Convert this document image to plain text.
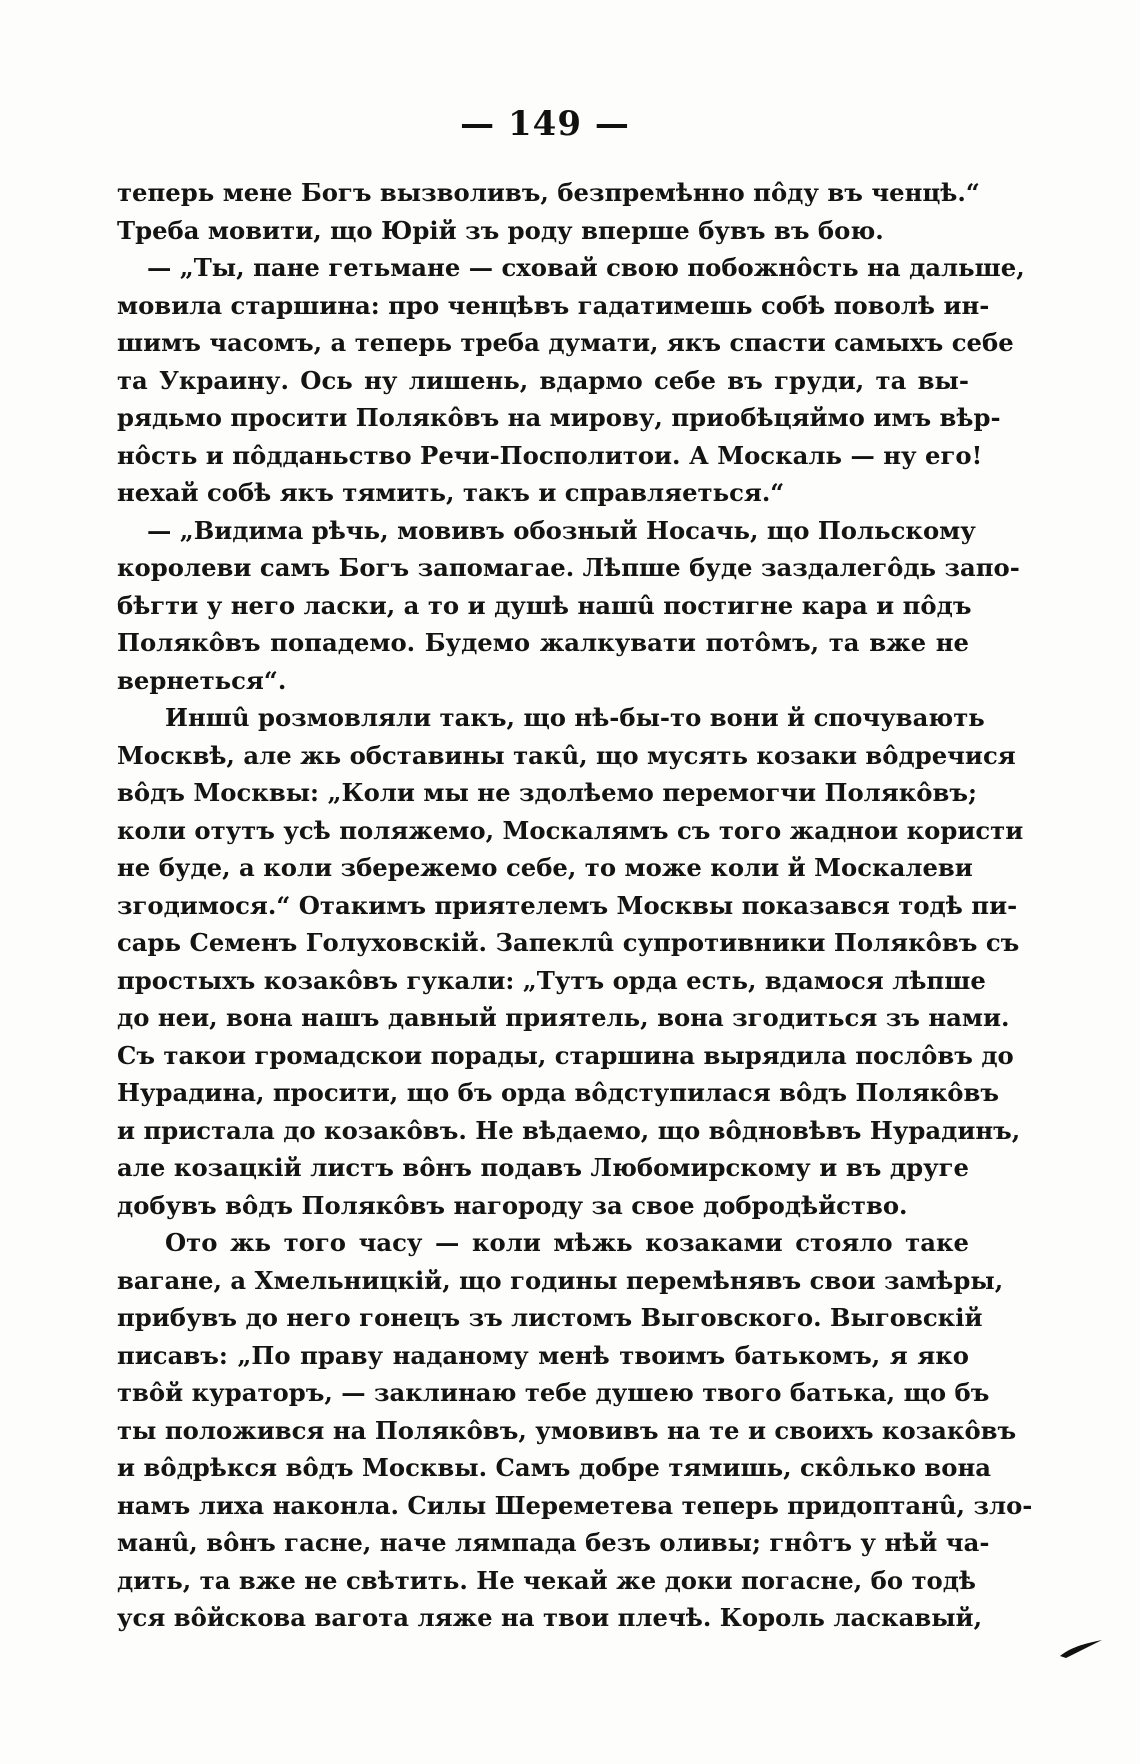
— 149 —
теперь мене Богъ вызволивъ, безпремѣнно пôду въ ченцѣ.“
Треба мовити, що Юрій зъ роду вперше бувъ въ бою.
— „Ты, пане гетьмане — сховай свою побожнôсть на дальше,
мовила старшина: про ченцѣвъ гадатимешь собѣ поволѣ ин-
шимъ часомъ, а теперь треба думати, якъ спасти самыхъ себе
та Украину. Ось ну лишень, вдармо себе въ груди, та вы-
рядьмо просити Полякôвъ на мирову, приобѣцяймо имъ вѣр-
нôсть и пôдданьство Речи-Посполитои. А Москаль — ну его!
нехай собѣ якъ тямить, такъ и справляеться.“
— „Видима рѣчь, мовивъ обозный Носачь, що Польскому
королеви самъ Богъ запомагае. Лѣпше буде заздалегôдь запо-
бѣгти у него ласки, а то и душѣ нашû постигне кара и пôдъ
Полякôвъ попадемо. Будемо жалкувати потôмъ, та вже не
вернеться“.
Иншû розмовляли такъ, що нѣ-бы-то вони й спочувають
Москвѣ, але жь обставины такû, що мусять козаки вôдречися
вôдъ Москвы: „Коли мы не здолѣемо перемогчи Полякôвъ;
коли отутъ усѣ поляжемо, Москалямъ съ того жаднои користи
не буде, а коли збережемо себе, то може коли й Москалеви
згодимося.“ Отакимъ приятелемъ Москвы показався тодѣ пи-
сарь Семенъ Голуховскій. Запеклû супротивники Полякôвъ съ
простыхъ козакôвъ гукали: „Тутъ орда есть, вдамося лѣпше
до неи, вона нашъ давный приятель, вона згодиться зъ нами.
Съ такои громадскои порады, старшина вырядила послôвъ до
Нурадина, просити, що бъ орда вôдступилася вôдъ Полякôвъ
и пристала до козакôвъ. Не вѣдаемо, що вôдновѣвъ Нурадинъ,
але козацкій листъ вôнъ подавъ Любомирскому и въ друге
добувъ вôдъ Полякôвъ нагороду за свое добродѣйство.
Ото жь того часу — коли мѣжь козаками стояло таке
вагане, а Хмельницкій, що годины перемѣнявъ свои замѣры,
прибувъ до него гонецъ зъ листомъ Выговского. Выговскій
писавъ: „По праву наданому менѣ твоимъ батькомъ, я яко
твôй кураторъ, — заклинаю тебе душею твого батька, що бъ
ты положився на Полякôвъ, умовивъ на те и своихъ козакôвъ
и вôдрѣкся вôдъ Москвы. Самъ добре тямишь, скôлько вона
намъ лиха наконла. Силы Шереметева теперь придоптанû, зло-
манû, вôнъ гасне, наче лямпада безъ оливы; гнôтъ у нѣй ча-
дить, та вже не свѣтить. Не чекай же доки погасне, бо тодѣ
уся вôйскова вагота ляже на твои плечѣ. Король ласкавый,
